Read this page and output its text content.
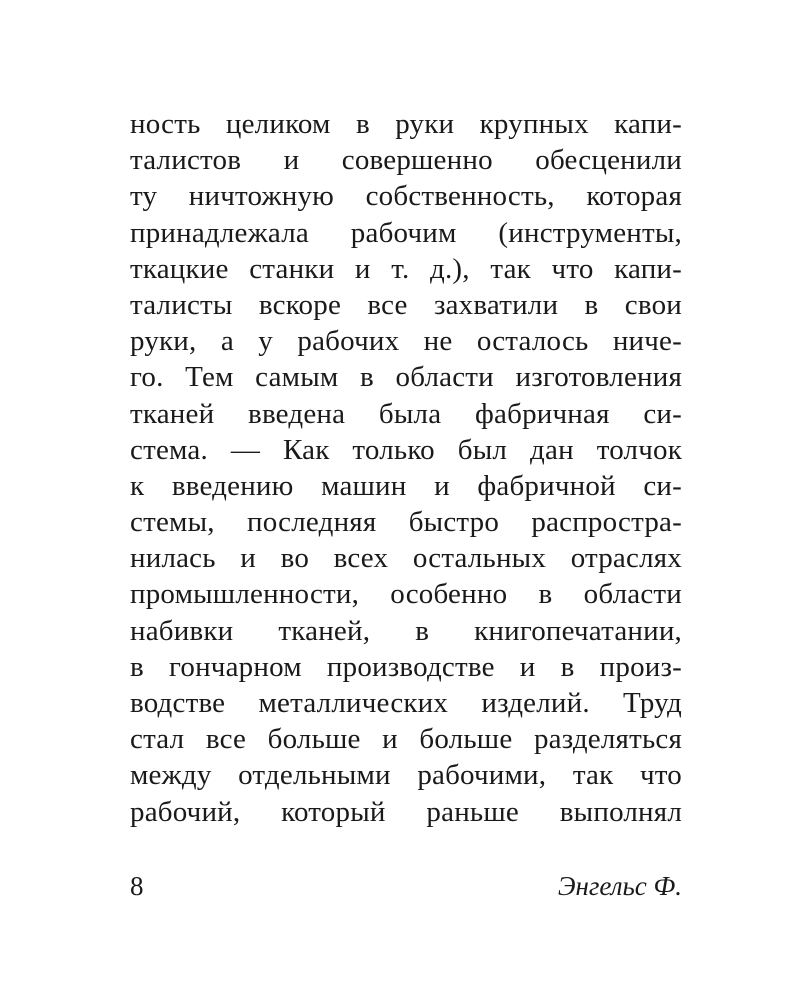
ность целиком в руки крупных капи-
талистов и совершенно обесценили
ту ничтожную собственность, которая
принадлежала рабочим (инструменты,
ткацкие станки и т. д.), так что капи-
талисты вскоре все захватили в свои
руки, а у рабочих не осталось ниче-
го. Тем самым в области изготовления
тканей введена была фабричная си-
стема. — Как только был дан толчок
к введению машин и фабричной си-
стемы, последняя быстро распростра-
нилась и во всех остальных отраслях
промышленности, особенно в области
набивки тканей, в книгопечатании,
в гончарном производстве и в произ-
водстве металлических изделий. Труд
стал все больше и больше разделяться
между отдельными рабочими, так что
рабочий, который раньше выполнял
8	Энгельс Ф.
